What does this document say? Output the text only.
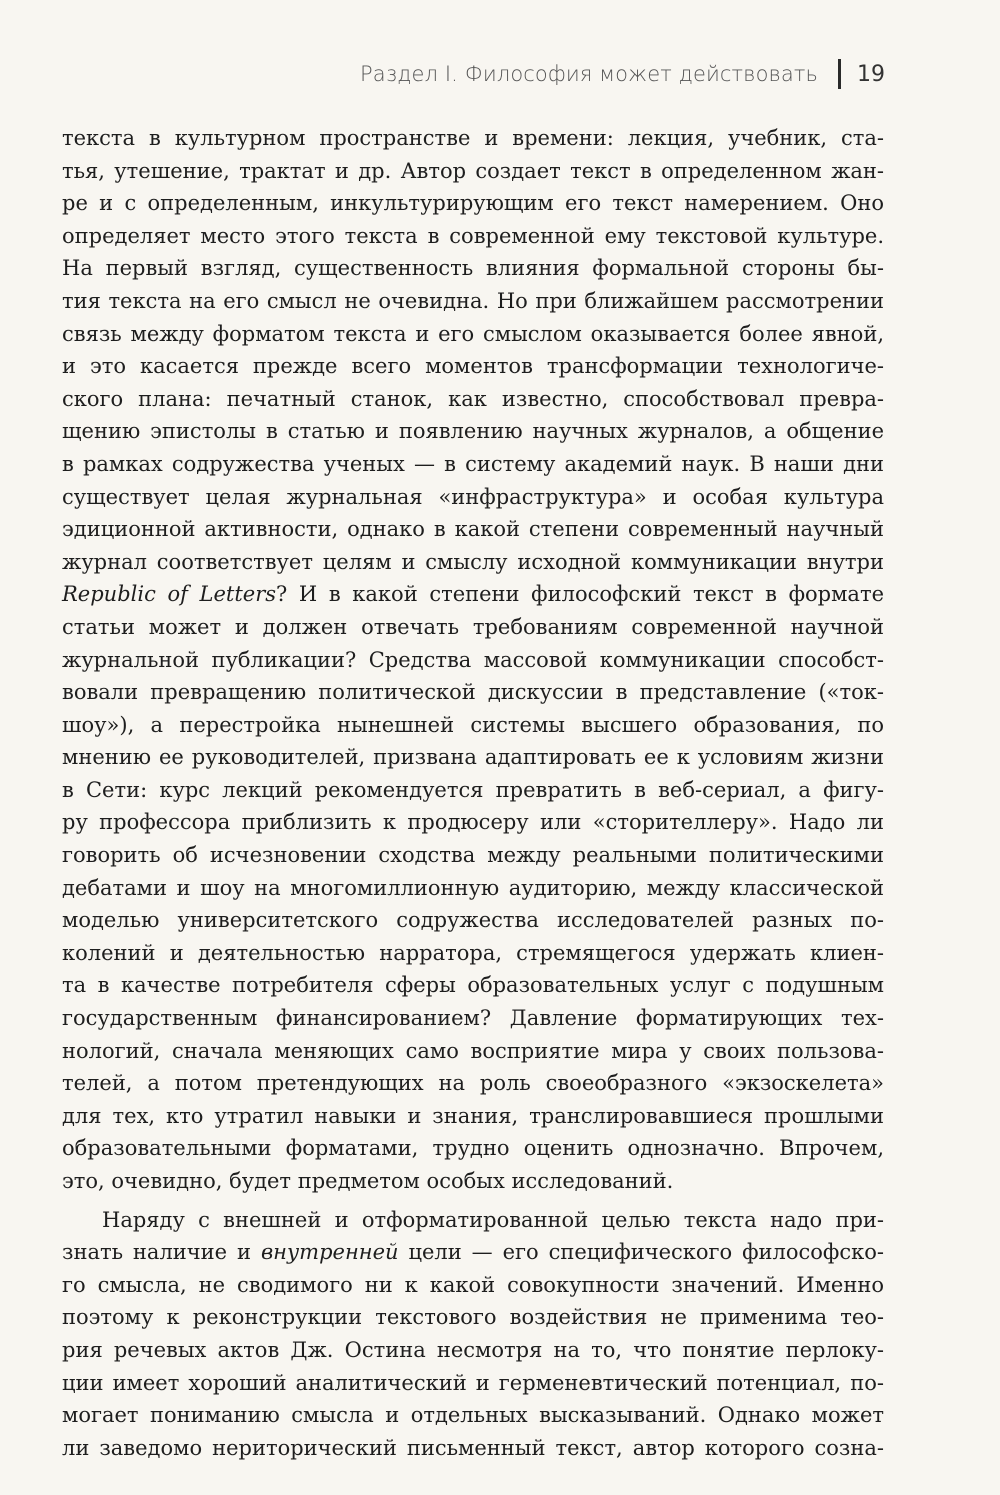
Раздел I. Философия может действовать 19
текста в культурном пространстве и времени: лекция, учебник, ста-
тья, утешение, трактат и др. Автор создает текст в определенном жан-
ре и с определенным, инкультурирующим его текст намерением. Оно
определяет место этого текста в современной ему текстовой культуре.
На первый взгляд, существенность влияния формальной стороны бы-
тия текста на его смысл не очевидна. Но при ближайшем рассмотрении
связь между форматом текста и его смыслом оказывается более явной,
и это касается прежде всего моментов трансформации технологиче-
ского плана: печатный станок, как известно, способствовал превра-
щению эпистолы в статью и появлению научных журналов, а общение
в рамках содружества ученых — в систему академий наук. В наши дни
существует целая журнальная «инфраструктура» и особая культура
эдиционной активности, однако в какой степени современный научный
журнал соответствует целям и смыслу исходной коммуникации внутри
Republic of Letters? И в какой степени философский текст в формате
статьи может и должен отвечать требованиям современной научной
журнальной публикации? Средства массовой коммуникации способст-
вовали превращению политической дискуссии в представление («ток-
шоу»), а перестройка нынешней системы высшего образования, по
мнению ее руководителей, призвана адаптировать ее к условиям жизни
в Сети: курс лекций рекомендуется превратить в веб-сериал, а фигу-
ру профессора приблизить к продюсеру или «сторителлеру». Надо ли
говорить об исчезновении сходства между реальными политическими
дебатами и шоу на многомиллионную аудиторию, между классической
моделью университетского содружества исследователей разных по-
колений и деятельностью нарратора, стремящегося удержать клиен-
та в качестве потребителя сферы образовательных услуг с подушным
государственным финансированием? Давление форматирующих тех-
нологий, сначала меняющих само восприятие мира у своих пользова-
телей, а потом претендующих на роль своеобразного «экзоскелета»
для тех, кто утратил навыки и знания, транслировавшиеся прошлыми
образовательными форматами, трудно оценить однозначно. Впрочем,
это, очевидно, будет предметом особых исследований.
Наряду с внешней и отформатированной целью текста надо при-
знать наличие и внутренней цели — его специфического философско-
го смысла, не сводимого ни к какой совокупности значений. Именно
поэтому к реконструкции текстового воздействия не применима тео-
рия речевых актов Дж. Остина несмотря на то, что понятие перлоку-
ции имеет хороший аналитический и герменевтический потенциал, по-
могает пониманию смысла и отдельных высказываний. Однако может
ли заведомо нериторический письменный текст, автор которого созна-
